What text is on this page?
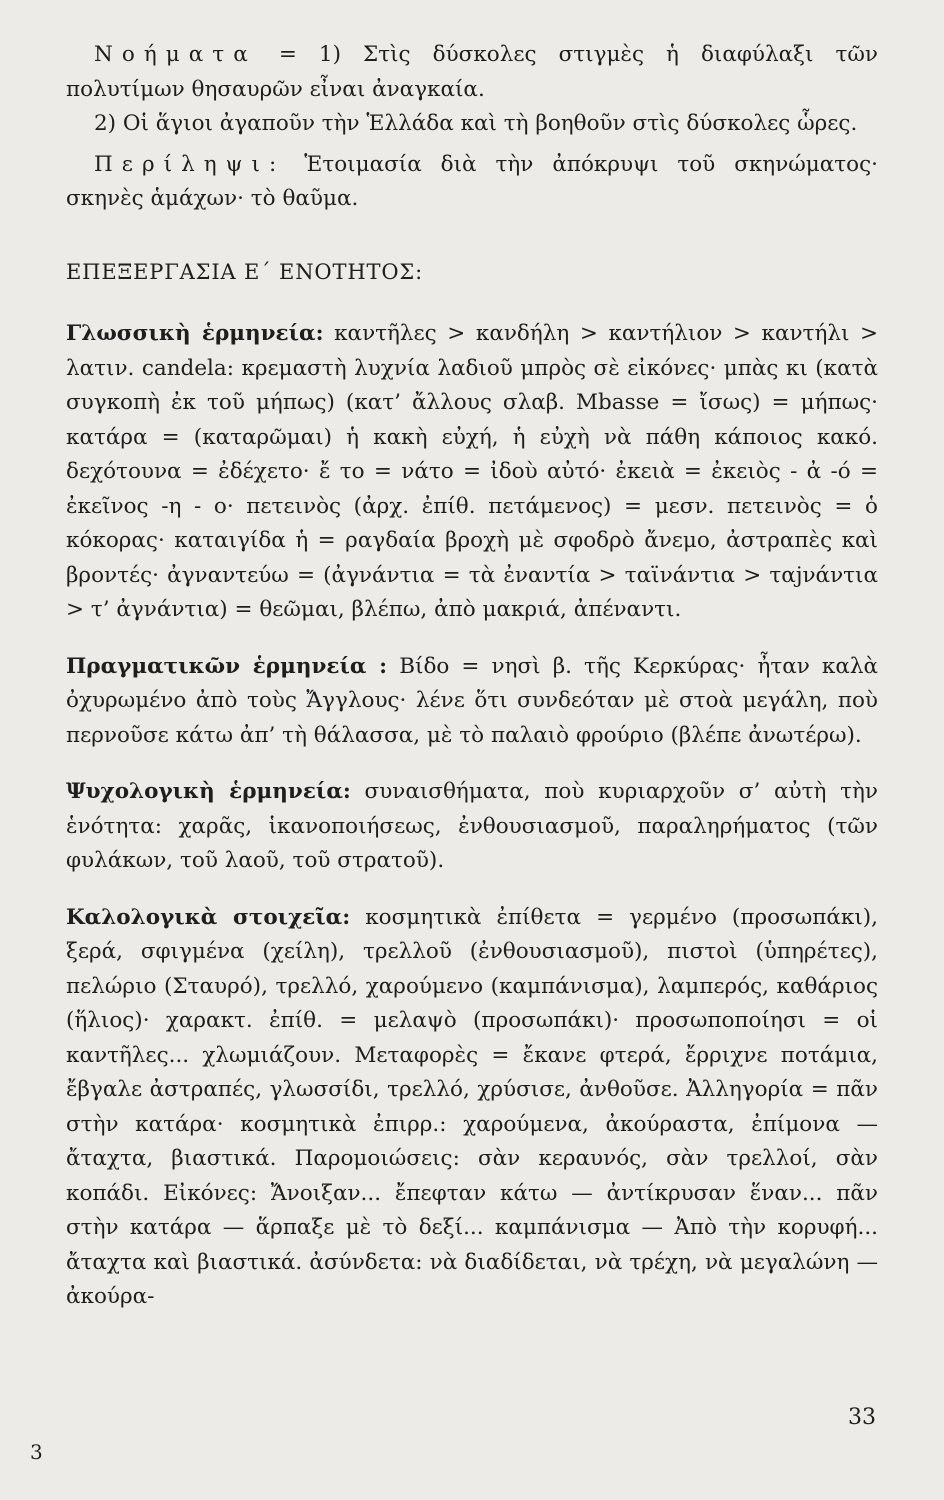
Νοήματα = 1) Στὶς δύσκολες στιγμὲς ἡ διαφύλαξι τῶν πολυτίμων θησαυρῶν εἶναι ἀναγκαία.

2) Οἱ ἅγιοι ἀγαποῦν τὴν Ἑλλάδα καὶ τὴ βοηθοῦν στὶς δύσκολες ὧρες.

Περίληψι: Ἑτοιμασία διὰ τὴν ἀπόκρυψι τοῦ σκηνώματος· σκηνὲς ἁμάχων· τὸ θαῦμα.

ΕΠΕΞΕΡΓΑΣΙΑ Ε΄ ΕΝΟΤΗΤΟΣ:

Γλωσσικὴ ἑρμηνεία: καντῆλες > κανδήλη > καντήλιον > καντήλι > λατιν. candela: κρεμαστὴ λυχνία λαδιοῦ μπρὸς σὲ εἰκόνες· μπὰς κι (κατὰ συγκοπὴ ἐκ τοῦ μήπως) (κατ’ ἄλλους σλαβ. Mbasse = ἴσως) = μήπως· κατάρα = (καταρῶμαι) ἡ κακὴ εὐχή, ἡ εὐχὴ νὰ πάθη κάποιος κακό. δεχότουνα = ἐδέχετο· ἔ το = νάτο = ἰδοὺ αὐτό· ἐκειὰ = ἐκειὸς - ἀ -ό = ἐκεῖνος -η - ο· πετεινὸς (ἀρχ. ἐπίθ. πετάμενος) = μεσν. πετεινὸς = ὁ κόκορας· καταιγίδα ἡ = ραγδαία βροχὴ μὲ σφοδρὸ ἄνεμο, ἀστραπὲς καὶ βροντές· ἀγναντεύω = (ἀγνάντια = τὰ ἐναντία > ταϊνάντια > ταϳνάντια > τ’ ἀγνάντια) = θεῶμαι, βλέπω, ἀπὸ μακριά, ἀπέναντι.

Πραγματικῶν ἑρμηνεία : Βίδο = νησὶ β. τῆς Κερκύρας· ἦταν καλὰ ὀχυρωμένο ἀπὸ τοὺς Ἄγγλους· λένε ὅτι συνδεόταν μὲ στοὰ μεγάλη, ποὺ περνοῦσε κάτω ἀπ’ τὴ θάλασσα, μὲ τὸ παλαιὸ φρούριο (βλέπε ἀνωτέρω).

Ψυχολογικὴ ἑρμηνεία: συναισθήματα, ποὺ κυριαρχοῦν σ’ αὐτὴ τὴν ἑνότητα: χαρᾶς, ἱκανοποιήσεως, ἐνθουσιασμοῦ, παραληρήματος (τῶν φυλάκων, τοῦ λαοῦ, τοῦ στρατοῦ).

Καλολογικὰ στοιχεῖα: κοσμητικὰ ἐπίθετα = γερμένο (προσωπάκι), ξερά, σφιγμένα (χείλη), τρελλοῦ (ἐνθουσιασμοῦ), πιστοὶ (ὑπηρέτες), πελώριο (Σταυρό), τρελλό, χαρούμενο (καμπάνισμα), λαμπερός, καθάριος (ἥλιος)· χαρακτ. ἐπίθ. = μελαψὸ (προσωπάκι)· προσωποποίησι = οἱ καντῆλες... χλωμιάζουν. Μεταφορὲς = ἔκανε φτερά, ἔρριχνε ποτάμια, ἔβγαλε ἀστραπές, γλωσσίδι, τρελλό, χρύσισε, ἀνθοῦσε. Ἀλληγορία = πᾶν στὴν κατάρα· κοσμητικὰ ἐπιρρ.: χαρούμενα, ἀκούραστα, ἐπίμονα — ἄταχτα, βιαστικά. Παρομοιώσεις: σὰν κεραυνός, σὰν τρελλοί, σὰν κοπάδι. Εἰκόνες: Ἄνοιξαν... ἔπεφταν κάτω — ἀντίκρυσαν ἕναν... πᾶν στὴν κατάρα — ἅρπαξε μὲ τὸ δεξί... καμπάνισμα — Ἀπὸ τὴν κορυφή... ἄταχτα καὶ βιαστικά. ἀσύνδετα: νὰ διαδίδεται, νὰ τρέχη, νὰ μεγαλώνη — ἀκούρα-

33
3
